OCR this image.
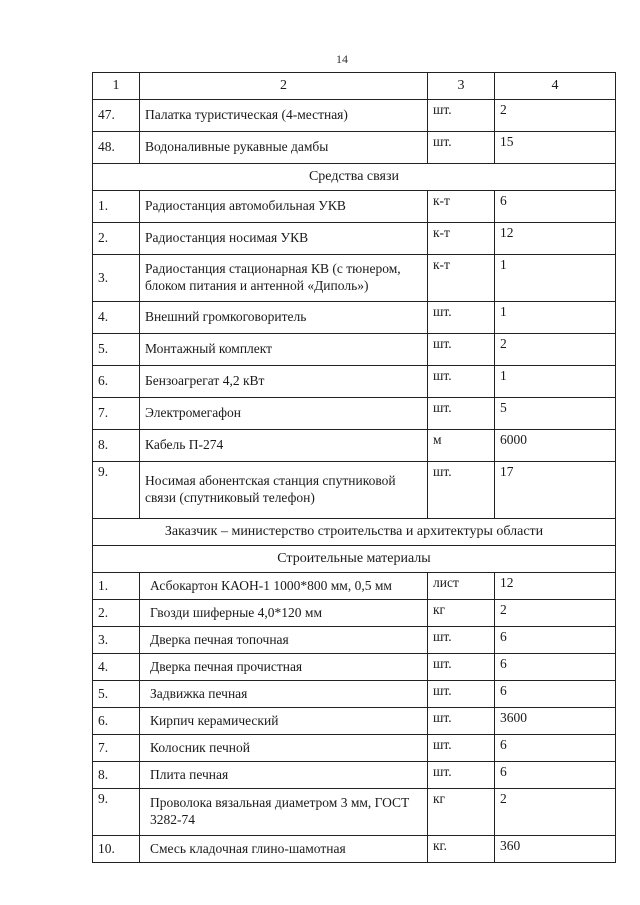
14
1	2	3	4
47.	Палатка туристическая (4-местная)	шт.	2
48.	Водоналивные рукавные дамбы	шт.	15
Средства связи			
1.	Радиостанция автомобильная УКВ	к-т	6
2.	Радиостанция носимая УКВ	к-т	12
3.	Радиостанция стационарная КВ (с тюнером, блоком питания и антенной «Диполь»)	к-т	1
4.	Внешний громкоговоритель	шт.	1
5.	Монтажный комплект	шт.	2
6.	Бензоагрегат 4,2 кВт	шт.	1
7.	Электромегафон	шт.	5
8.	Кабель П-274	м	6000
9.	Носимая абонентская станция спутниковой связи (спутниковый телефон)	шт.	17
Заказчик – министерство строительства и архитектуры области			
Строительные материалы			
1.	Асбокартон КАОН-1 1000*800 мм, 0,5 мм	лист	12
2.	Гвозди шиферные 4,0*120 мм	кг	2
3.	Дверка печная топочная	шт.	6
4.	Дверка печная прочистная	шт.	6
5.	Задвижка печная	шт.	6
6.	Кирпич керамический	шт.	3600
7.	Колосник печной	шт.	6
8.	Плита печная	шт.	6
9.	Проволока вязальная диаметром 3 мм, ГОСТ 3282-74	кг	2
10.	Смесь кладочная глино-шамотная	кг.	360
